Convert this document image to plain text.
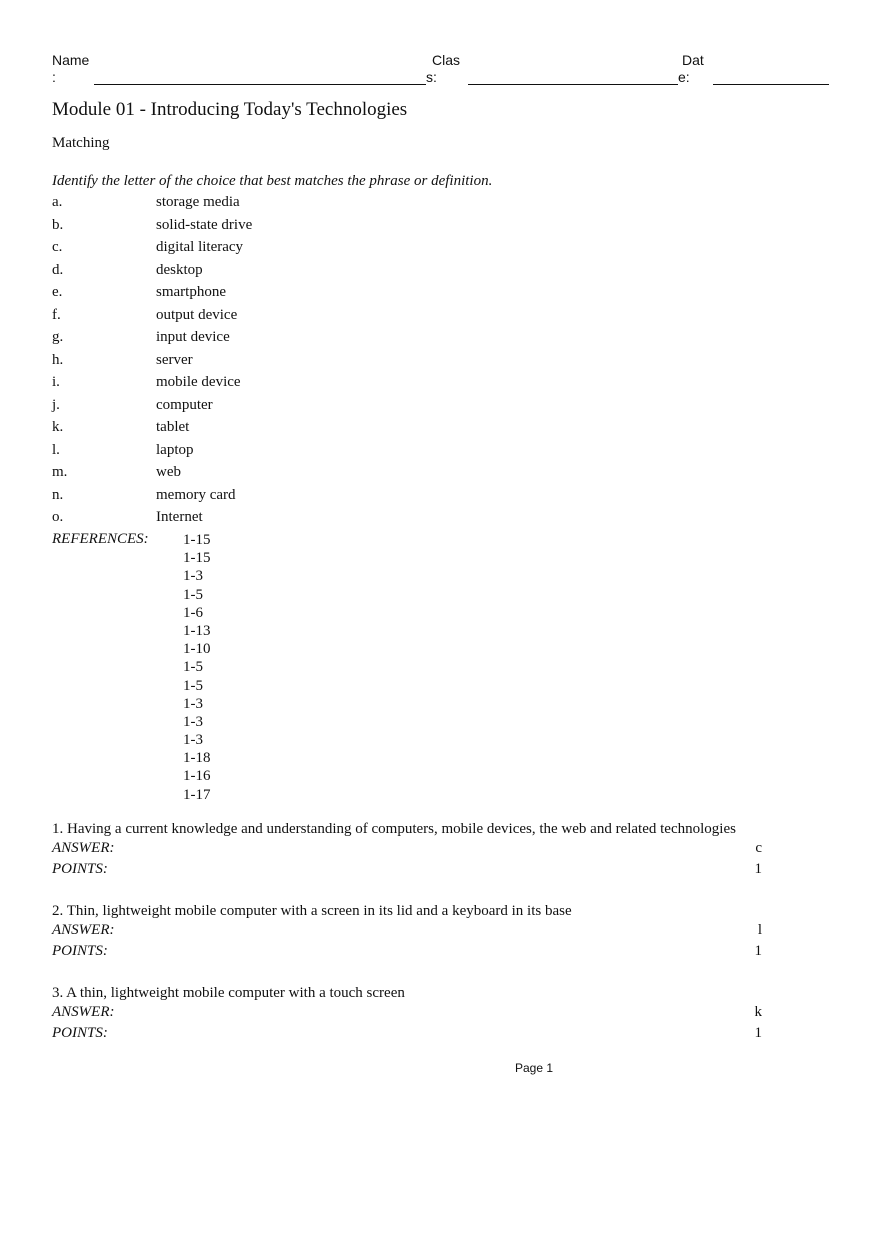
Name
:
Clas
s:
Dat
e:
Module 01 - Introducing Today's Technologies
Matching
Identify the letter of the choice that best matches the phrase or definition.
a.	storage media
b.	solid-state drive
c.	digital literacy
d.	desktop
e.	smartphone
f.	output device
g.	input device
h.	server
i.	mobile device
j.	computer
k.	tablet
l.	laptop
m.	web
n.	memory card
o.	Internet
REFERENCES: 1-15
1-15
1-3
1-5
1-6
1-13
1-10
1-5
1-5
1-3
1-3
1-3
1-18
1-16
1-17
1. Having a current knowledge and understanding of computers, mobile devices, the web and related technologies
ANSWER:	c
POINTS:	1
2. Thin, lightweight mobile computer with a screen in its lid and a keyboard in its base
ANSWER:	l
POINTS:	1
3. A thin, lightweight mobile computer with a touch screen
ANSWER:	k
POINTS:	1
Page 1
